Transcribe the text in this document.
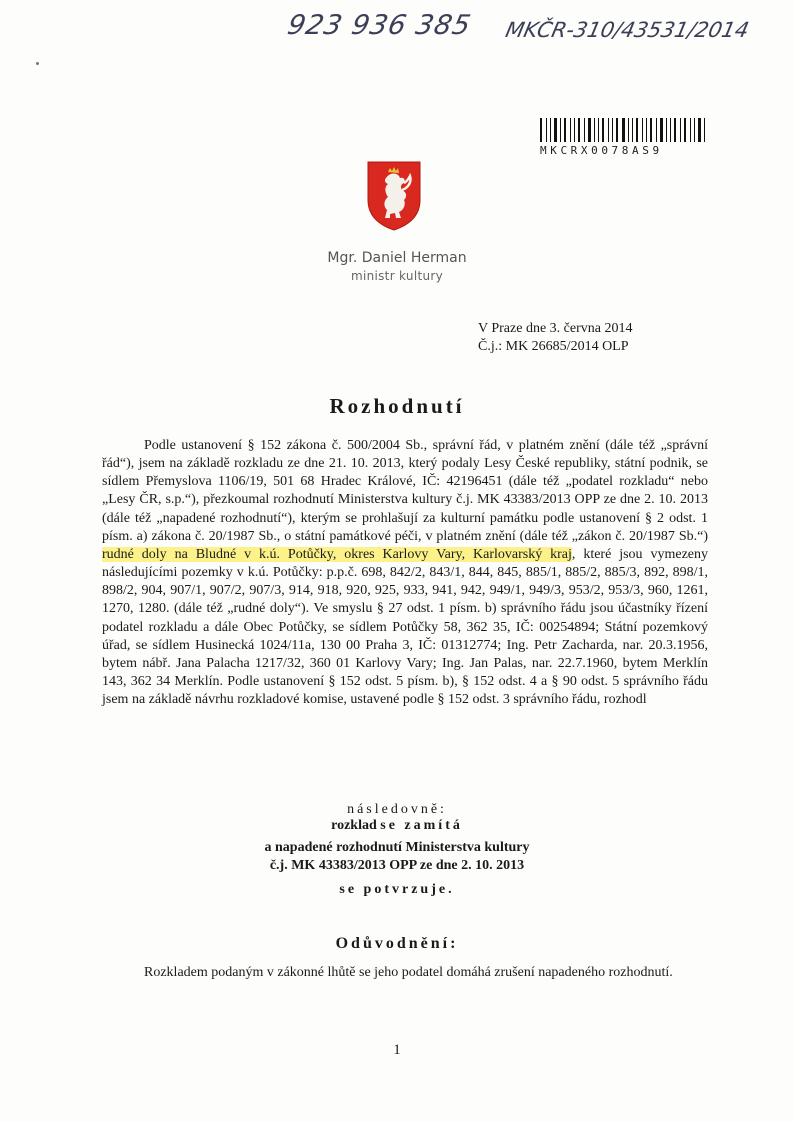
923 936 385 MKČR-310/43531/2014
MKCRX0078AS9
Mgr. Daniel Herman
ministr kultury
V Praze dne 3. června 2014
Č.j.: MK 26685/2014 OLP
Rozhodnutí

Podle ustanovení § 152 zákona č. 500/2004 Sb., správní řád, v platném znění (dále též „správní řád“), jsem na základě rozkladu ze dne 21. 10. 2013, který podaly Lesy České republiky, státní podnik, se sídlem Přemyslova 1106/19, 501 68 Hradec Králové, IČ: 42196451 (dále též „podatel rozkladu“ nebo „Lesy ČR, s.p.“), přezkoumal rozhodnutí Ministerstva kultury č.j. MK 43383/2013 OPP ze dne 2. 10. 2013 (dále též „napadené rozhodnutí“), kterým se prohlašují za kulturní památku podle ustanovení § 2 odst. 1 písm. a) zákona č. 20/1987 Sb., o státní památkové péči, v platném znění (dále též „zákon č. 20/1987 Sb.“) rudné doly na Bludné v k.ú. Potůčky, okres Karlovy Vary, Karlovarský kraj, které jsou vymezeny následujícími pozemky v k.ú. Potůčky: p.p.č. 698, 842/2, 843/1, 844, 845, 885/1, 885/2, 885/3, 892, 898/1, 898/2, 904, 907/1, 907/2, 907/3, 914, 918, 920, 925, 933, 941, 942, 949/1, 949/3, 953/2, 953/3, 960, 1261, 1270, 1280. (dále též „rudné doly“). Ve smyslu § 27 odst. 1 písm. b) správního řádu jsou účastníky řízení podatel rozkladu a dále Obec Potůčky, se sídlem Potůčky 58, 362 35, IČ: 00254894; Státní pozemkový úřad, se sídlem Husinecká 1024/11a, 130 00 Praha 3, IČ: 01312774; Ing. Petr Zacharda, nar. 20.3.1956, bytem nábř. Jana Palacha 1217/32, 360 01 Karlovy Vary; Ing. Jan Palas, nar. 22.7.1960, bytem Merklín 143, 362 34 Merklín. Podle ustanovení § 152 odst. 5 písm. b), § 152 odst. 4 a § 90 odst. 5 správního řádu jsem na základě návrhu rozkladové komise, ustavené podle § 152 odst. 3 správního řádu, rozhodl

následovně:
rozklad se zamítá
a napadené rozhodnutí Ministerstva kultury
č.j. MK 43383/2013 OPP ze dne 2. 10. 2013
se potvrzuje.
Odůvodnění:

Rozkladem podaným v zákonné lhůtě se jeho podatel domáhá zrušení napadeného rozhodnutí.

1
